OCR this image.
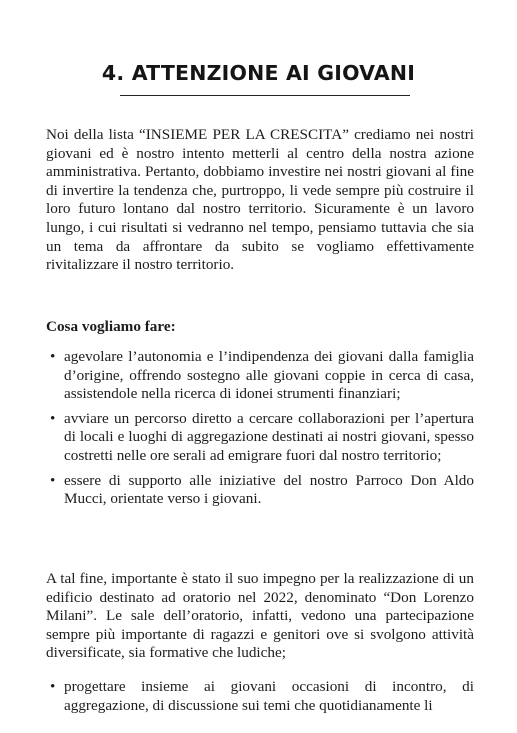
4. ATTENZIONE AI GIOVANI
Noi della lista “INSIEME PER LA CRESCITA” crediamo nei nostri giovani ed è nostro intento metterli al centro della nostra azione amministrativa. Pertanto, dobbiamo investire nei nostri giovani al fine di invertire la tendenza che, purtroppo, li vede sempre più costruire il loro futuro lontano dal nostro territorio. Sicuramente è un lavoro lungo, i cui risultati si vedranno nel tempo, pensiamo tuttavia che sia un tema da affrontare da subito se vogliamo effettivamente rivitalizzare il nostro territorio.
Cosa vogliamo fare:
• agevolare l’autonomia e l’indipendenza dei giovani dalla famiglia d’origine, offrendo sostegno alle giovani coppie in cerca di casa, assistendole nella ricerca di idonei strumenti finanziari;
• avviare un percorso diretto a cercare collaborazioni per l’apertura di locali e luoghi di aggregazione destinati ai nostri giovani, spesso costretti nelle ore serali ad emigrare fuori dal nostro territorio;
• essere di supporto alle iniziative del nostro Parroco Don Aldo Mucci, orientate verso i giovani.
A tal fine, importante è stato il suo impegno per la realizzazione di un edificio destinato ad oratorio nel 2022, denominato “Don Lorenzo Milani”. Le sale dell’oratorio, infatti, vedono una partecipazione sempre più importante di ragazzi e genitori ove si svolgono attività diversificate, sia formative che ludiche;
• progettare insieme ai giovani occasioni di incontro, di aggregazione, di discussione sui temi che quotidianamente li
